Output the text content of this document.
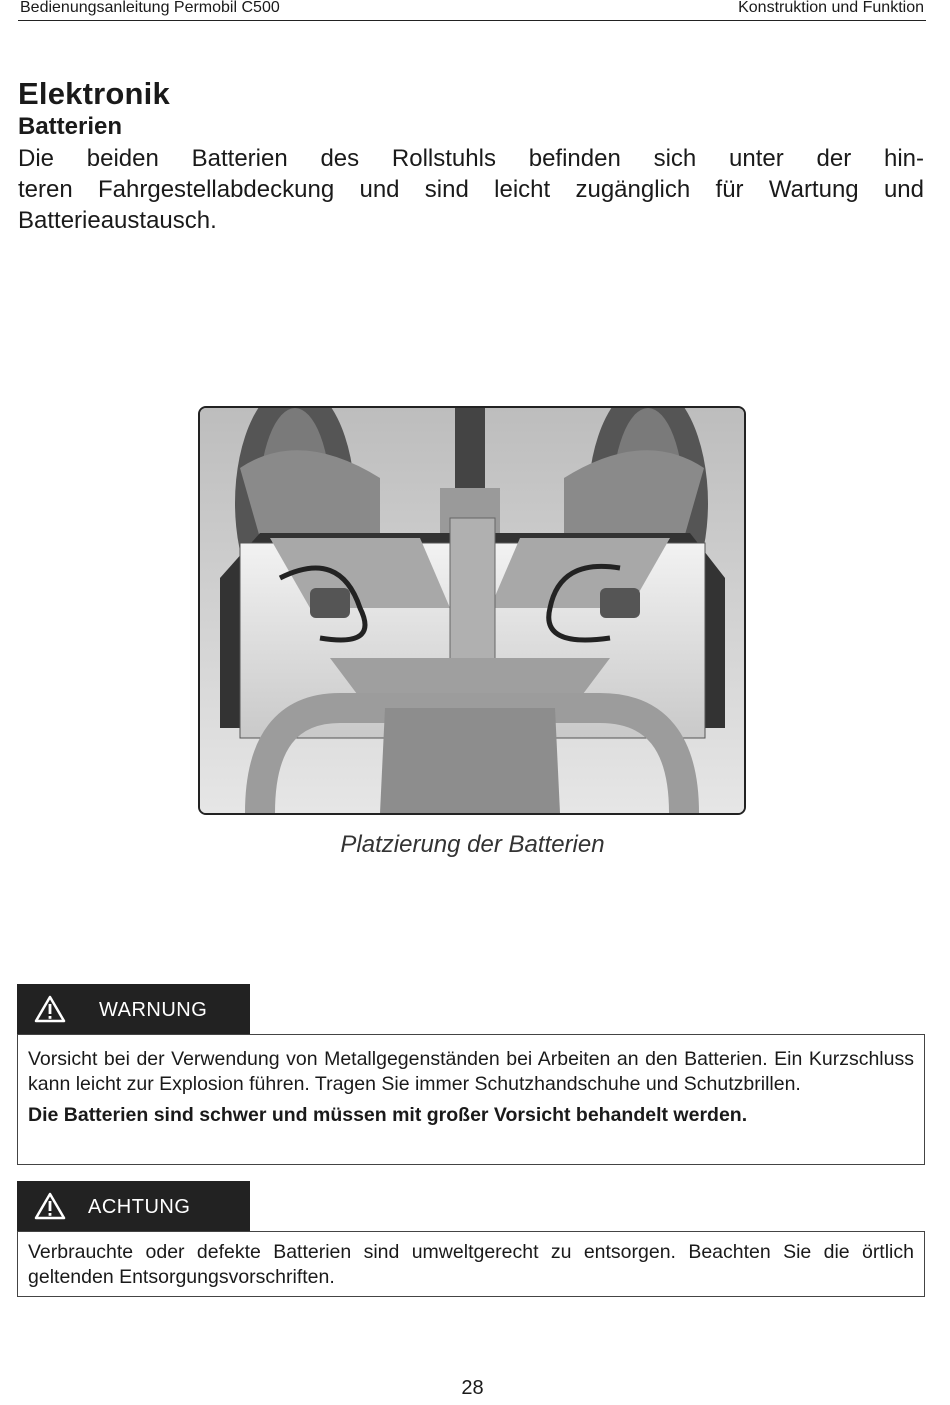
Bedienungsanleitung Permobil C500	Konstruktion und Funktion
Elektronik
Batterien
Die beiden Batterien des Rollstuhls befinden sich unter der hin-
teren Fahrgestellabdeckung und sind leicht zugänglich für Wartung und
Batterieaustausch.
Platzierung der Batterien
WARNUNG

Vorsicht bei der Verwendung von Metallgegenständen bei Arbeiten an den Batterien. Ein Kurzschluss kann leicht zur Explosion führen. Tragen Sie immer Schutzhandschuhe und Schutzbrillen.

Die Batterien sind schwer und müssen mit großer Vorsicht behandelt werden.

ACHTUNG

Verbrauchte oder defekte Batterien sind umweltgerecht zu entsorgen. Beachten Sie die örtlich geltenden Entsorgungsvorschriften.

28
